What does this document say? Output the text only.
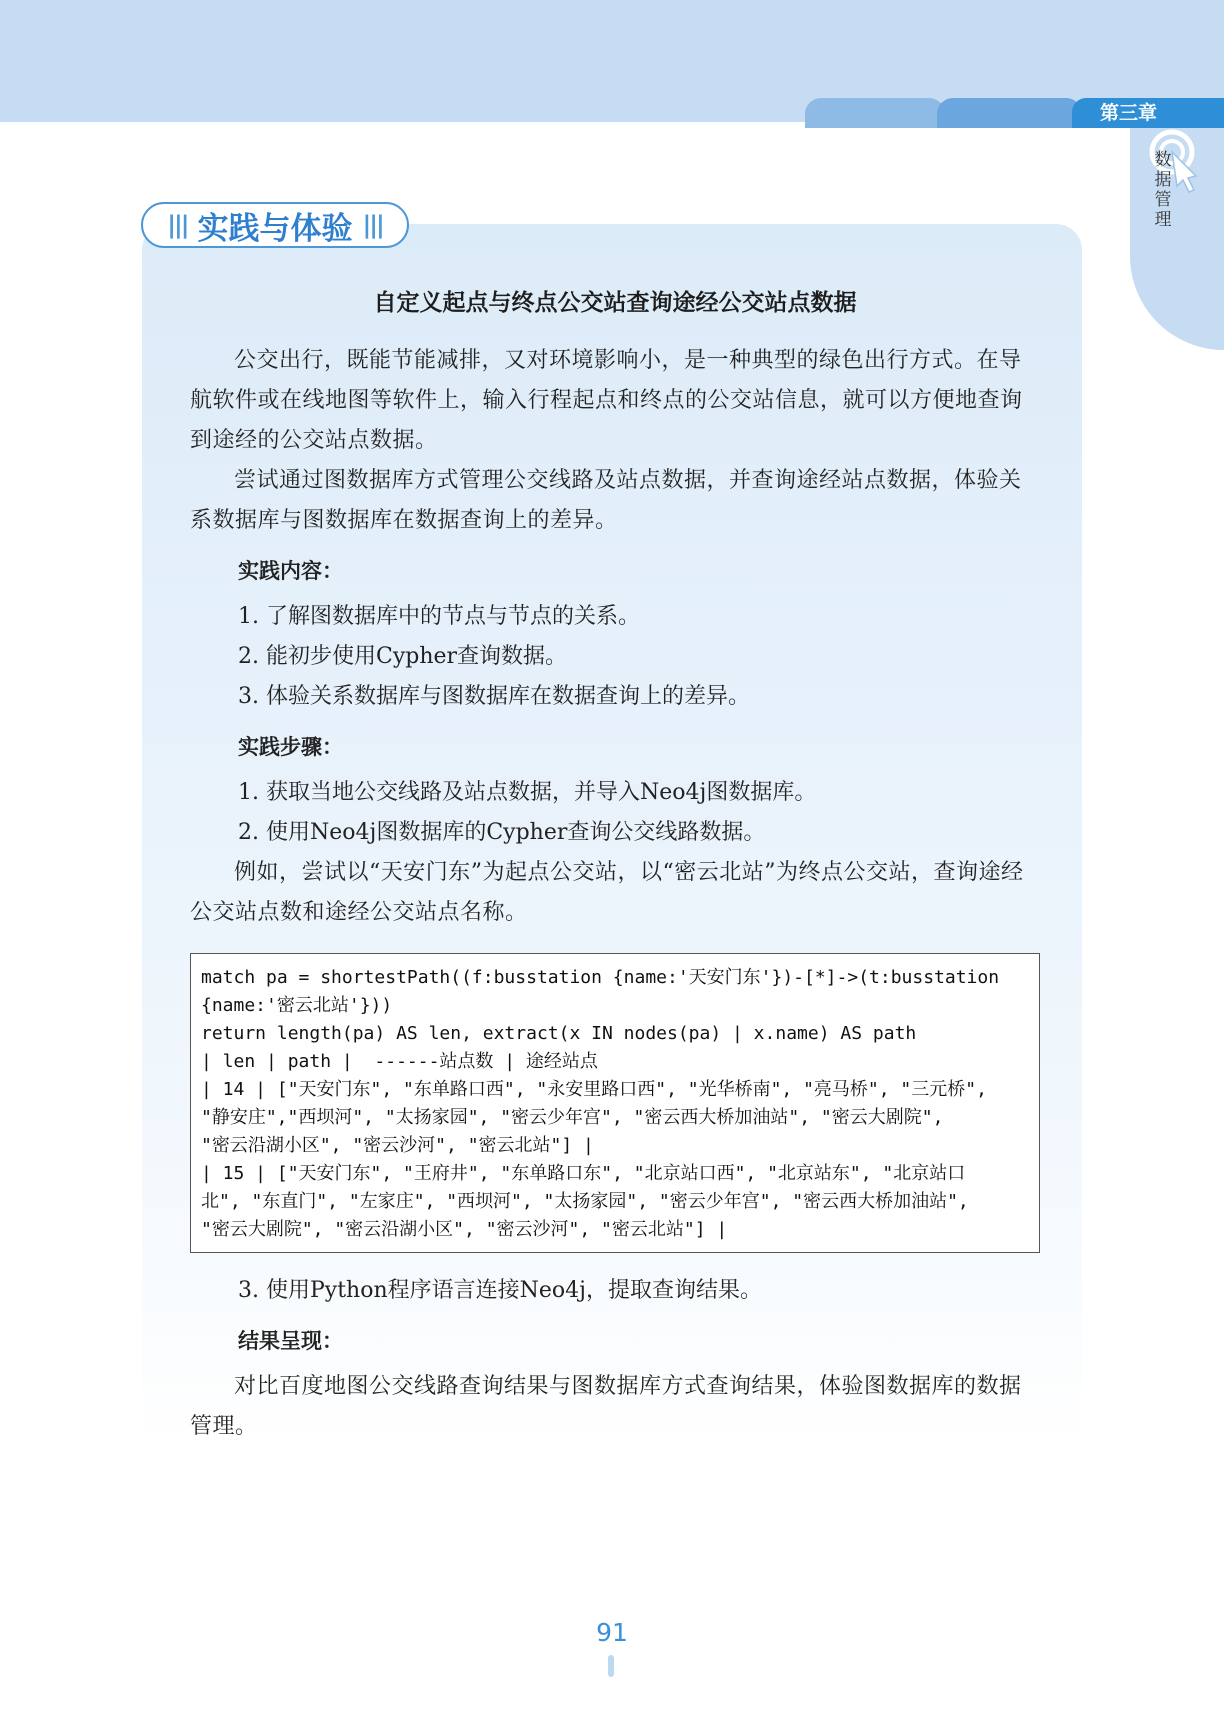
第三章
数据管理
||| 实践与体验 |||
自定义起点与终点公交站查询途经公交站点数据

公交出行，既能节能减排，又对环境影响小，是一种典型的绿色出行方式。在导航软件或在线地图等软件上，输入行程起点和终点的公交站信息，就可以方便地查询到途经的公交站点数据。

尝试通过图数据库方式管理公交线路及站点数据，并查询途经站点数据，体验关系数据库与图数据库在数据查询上的差异。

实践内容：
1. 了解图数据库中的节点与节点的关系。
2. 能初步使用Cypher查询数据。
3. 体验关系数据库与图数据库在数据查询上的差异。
实践步骤：
1. 获取当地公交线路及站点数据，并导入Neo4j图数据库。
2. 使用Neo4j图数据库的Cypher查询公交线路数据。

例如，尝试以“天安门东”为起点公交站，以“密云北站”为终点公交站，查询途经公交站点数和途经公交站点名称。

match pa = shortestPath((f:busstation {name:'天安门东'})-[*]->(t:busstation
{name:'密云北站'}))
return length(pa) AS len, extract(x IN nodes(pa) | x.name) AS path
| len | path |  ------站点数 | 途经站点
| 14 | ["天安门东", "东单路口西", "永安里路口西", "光华桥南", "亮马桥", "三元桥",
"静安庄","西坝河", "太扬家园", "密云少年宫", "密云西大桥加油站", "密云大剧院",
"密云沿湖小区", "密云沙河", "密云北站"] |
| 15 | ["天安门东", "王府井", "东单路口东", "北京站口西", "北京站东", "北京站口
北", "东直门", "左家庄", "西坝河", "太扬家园", "密云少年宫", "密云西大桥加油站",
"密云大剧院", "密云沿湖小区", "密云沙河", "密云北站"] |
3. 使用Python程序语言连接Neo4j，提取查询结果。
结果呈现：

对比百度地图公交线路查询结果与图数据库方式查询结果，体验图数据库的数据管理。

91
